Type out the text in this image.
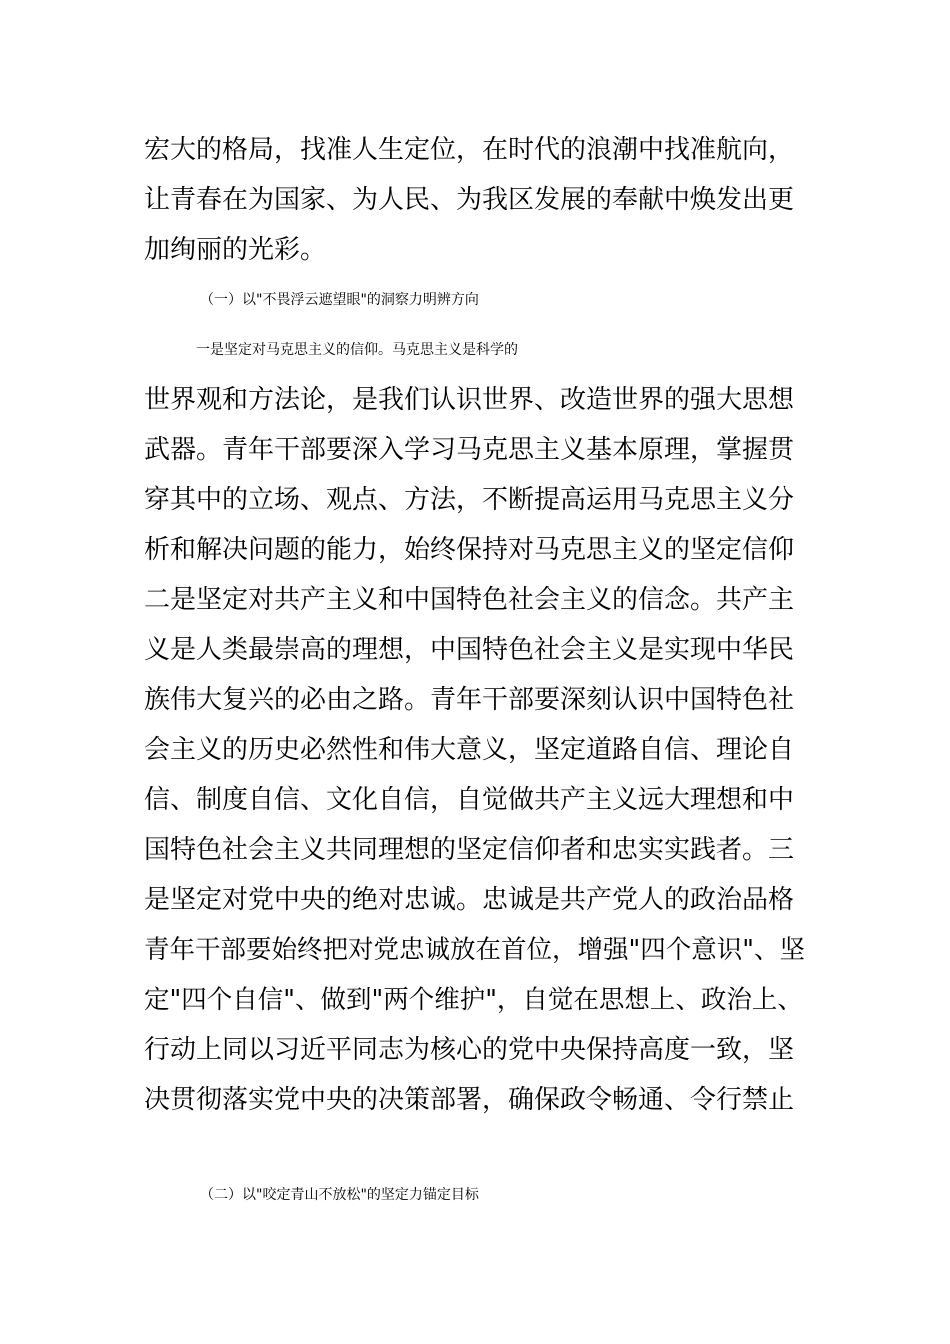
宏大的格局，找准人生定位，在时代的浪潮中找准航向，
让青春在为国家、为人民、为我区发展的奉献中焕发出更
加绚丽的光彩。
（一）以"不畏浮云遮望眼"的洞察力明辨方向
一是坚定对马克思主义的信仰。马克思主义是科学的
世界观和方法论，是我们认识世界、改造世界的强大思想
武器。青年干部要深入学习马克思主义基本原理，掌握贯
穿其中的立场、观点、方法，不断提高运用马克思主义分
析和解决问题的能力，始终保持对马克思主义的坚定信仰
二是坚定对共产主义和中国特色社会主义的信念。共产主
义是人类最崇高的理想，中国特色社会主义是实现中华民
族伟大复兴的必由之路。青年干部要深刻认识中国特色社
会主义的历史必然性和伟大意义，坚定道路自信、理论自
信、制度自信、文化自信，自觉做共产主义远大理想和中
国特色社会主义共同理想的坚定信仰者和忠实实践者。三
是坚定对党中央的绝对忠诚。忠诚是共产党人的政治品格
青年干部要始终把对党忠诚放在首位，增强"四个意识"、坚
定"四个自信"、做到"两个维护"，自觉在思想上、政治上、
行动上同以习近平同志为核心的党中央保持高度一致，坚
决贯彻落实党中央的决策部署，确保政令畅通、令行禁止
（二）以"咬定青山不放松"的坚定力锚定目标
